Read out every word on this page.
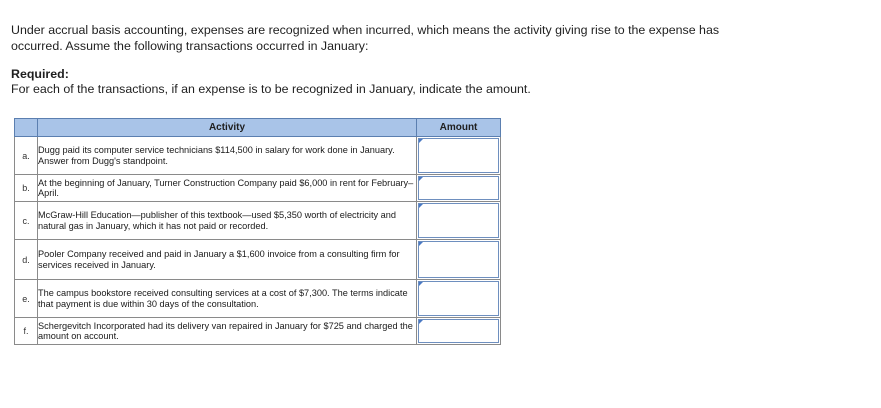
Under accrual basis accounting, expenses are recognized when incurred, which means the activity giving rise to the expense has occurred. Assume the following transactions occurred in January:

Required:

For each of the transactions, if an expense is to be recognized in January, indicate the amount.

	Activity	Amount
a.	Dugg paid its computer service technicians $114,500 in salary for work done in January. Answer from Dugg's standpoint.	

b.	At the beginning of January, Turner Construction Company paid $6,000 in rent for February–April.	

c.	McGraw-Hill Education—publisher of this textbook—used $5,350 worth of electricity and natural gas in January, which it has not paid or recorded.	

d.	Pooler Company received and paid in January a $1,600 invoice from a consulting firm for services received in January.	

e.	The campus bookstore received consulting services at a cost of $7,300. The terms indicate that payment is due within 30 days of the consultation.	

f.	Schergevitch Incorporated had its delivery van repaired in January for $725 and charged the amount on account.	
